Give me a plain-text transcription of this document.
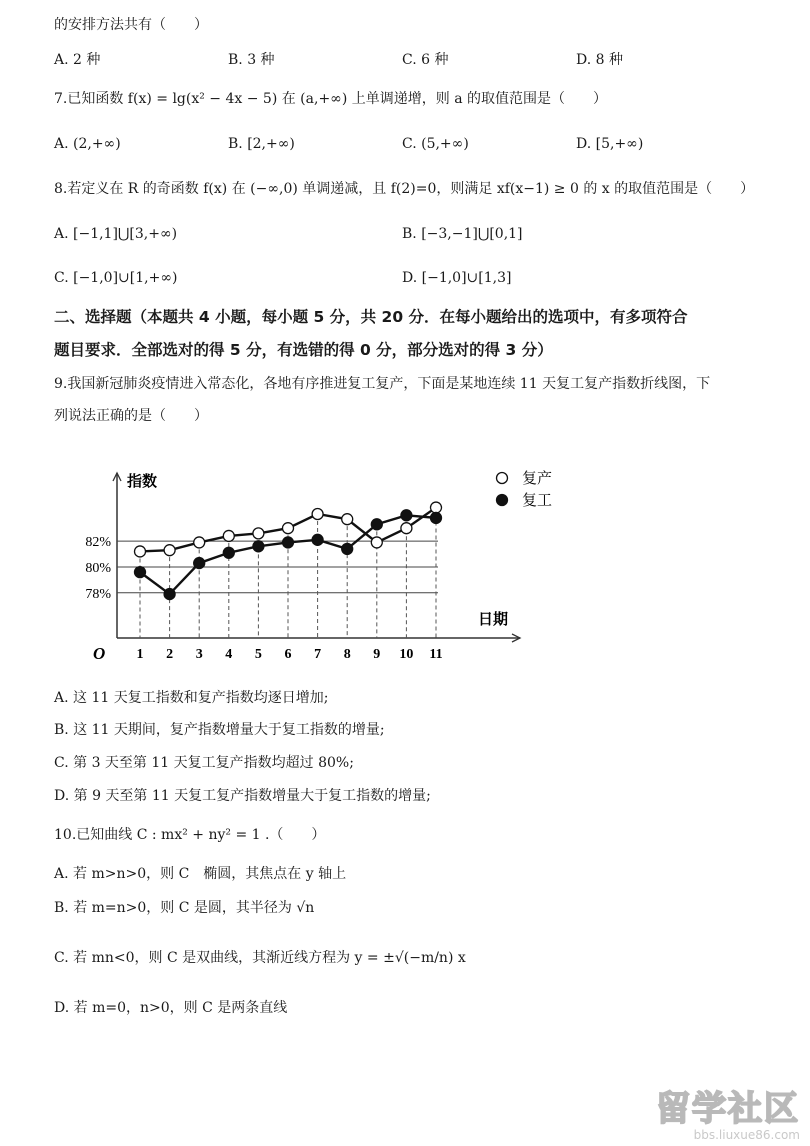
的安排方法共有（　　）
A. 2 种	B. 3 种	C. 6 种	D. 8 种
7.已知函数 f(x) = lg(x² − 4x − 5) 在 (a,+∞) 上单调递增，则 a 的取值范围是（　　）
A. (2,+∞)	B. [2,+∞)	C. (5,+∞)	D. [5,+∞)
8.若定义在 R 的奇函数 f(x) 在 (−∞,0) 单调递减，且 f(2)=0，则满足 xf(x−1) ≥ 0 的 x 的取值范围是（　　）
A. [−1,1]⋃[3,+∞)	B. [−3,−1]⋃[0,1]
C. [−1,0]∪[1,+∞)	D. [−1,0]∪[1,3]
二、选择题（本题共 4 小题，每小题 5 分，共 20 分．在每小题给出的选项中，有多项符合
题目要求．全部选对的得 5 分，有选错的得 0 分，部分选对的得 3 分）
9.我国新冠肺炎疫情进入常态化，各地有序推进复工复产，下面是某地连续 11 天复工复产指数折线图，下
列说法正确的是（　　）
78%
80%
82%
1 2 3 4 5 6 7 8 9 10 11
O
指数
日期
复产
复工
A. 这 11 天复工指数和复产指数均逐日增加;
B. 这 11 天期间，复产指数增量大于复工指数的增量;
C. 第 3 天至第 11 天复工复产指数均超过 80%;
D. 第 9 天至第 11 天复工复产指数增量大于复工指数的增量;
10.已知曲线 C : mx² + ny² = 1 .（　　）
A. 若 m>n>0，则 C　椭圆，其焦点在 y 轴上
B. 若 m=n>0，则 C 是圆，其半径为 √n
C. 若 mn<0，则 C 是双曲线，其渐近线方程为 y = ±√(−m/n) x
D. 若 m=0，n>0，则 C 是两条直线
留学社区
bbs.liuxue86.com
